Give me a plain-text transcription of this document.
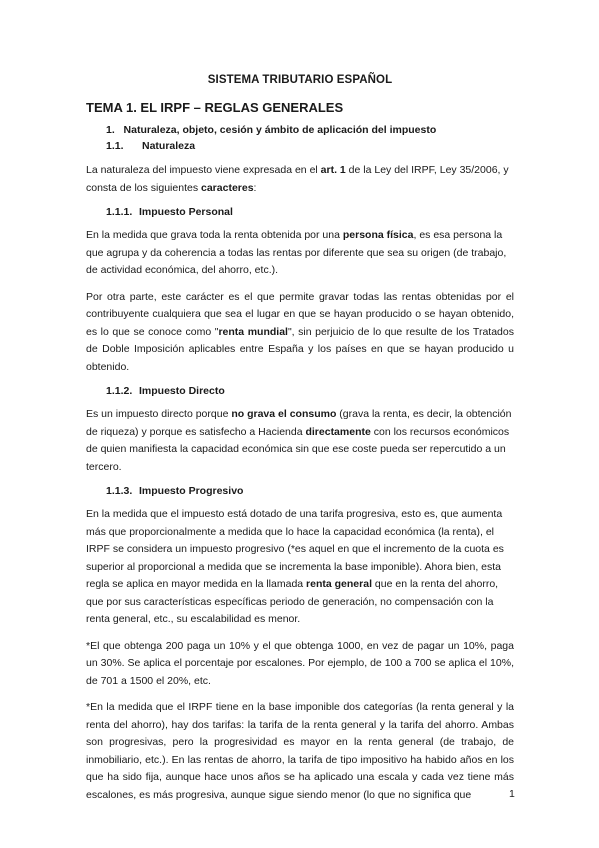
SISTEMA TRIBUTARIO ESPAÑOL
TEMA 1. EL IRPF – REGLAS GENERALES
1. Naturaleza, objeto, cesión y ámbito de aplicación del impuesto
1.1. Naturaleza

La naturaleza del impuesto viene expresada en el art. 1 de la Ley del IRPF, Ley 35/2006, y consta de los siguientes caracteres:

1.1.1. Impuesto Personal

En la medida que grava toda la renta obtenida por una persona física, es esa persona la que agrupa y da coherencia a todas las rentas por diferente que sea su origen (de trabajo, de actividad económica, del ahorro, etc.).

Por otra parte, este carácter es el que permite gravar todas las rentas obtenidas por el contribuyente cualquiera que sea el lugar en que se hayan producido o se hayan obtenido, es lo que se conoce como "renta mundial", sin perjuicio de lo que resulte de los Tratados de Doble Imposición aplicables entre España y los países en que se hayan producido u obtenido.

1.1.2. Impuesto Directo

Es un impuesto directo porque no grava el consumo (grava la renta, es decir, la obtención de riqueza) y porque es satisfecho a Hacienda directamente con los recursos económicos de quien manifiesta la capacidad económica sin que ese coste pueda ser repercutido a un tercero.

1.1.3. Impuesto Progresivo

En la medida que el impuesto está dotado de una tarifa progresiva, esto es, que aumenta más que proporcionalmente a medida que lo hace la capacidad económica (la renta), el IRPF se considera un impuesto progresivo (*es aquel en que el incremento de la cuota es superior al proporcional a medida que se incrementa la base imponible). Ahora bien, esta regla se aplica en mayor medida en la llamada renta general que en la renta del ahorro, que por sus características específicas periodo de generación, no compensación con la renta general, etc., su escalabilidad es menor.

*El que obtenga 200 paga un 10% y el que obtenga 1000, en vez de pagar un 10%, paga un 30%. Se aplica el porcentaje por escalones. Por ejemplo, de 100 a 700 se aplica el 10%, de 701 a 1500 el 20%, etc.

*En la medida que el IRPF tiene en la base imponible dos categorías (la renta general y la renta del ahorro), hay dos tarifas: la tarifa de la renta general y la tarifa del ahorro. Ambas son progresivas, pero la progresividad es mayor en la renta general (de trabajo, de inmobiliario, etc.). En las rentas de ahorro, la tarifa de tipo impositivo ha habido años en los que ha sido fija, aunque hace unos años se ha aplicado una escala y cada vez tiene más escalones, es más progresiva, aunque sigue siendo menor (lo que no significa que	1
